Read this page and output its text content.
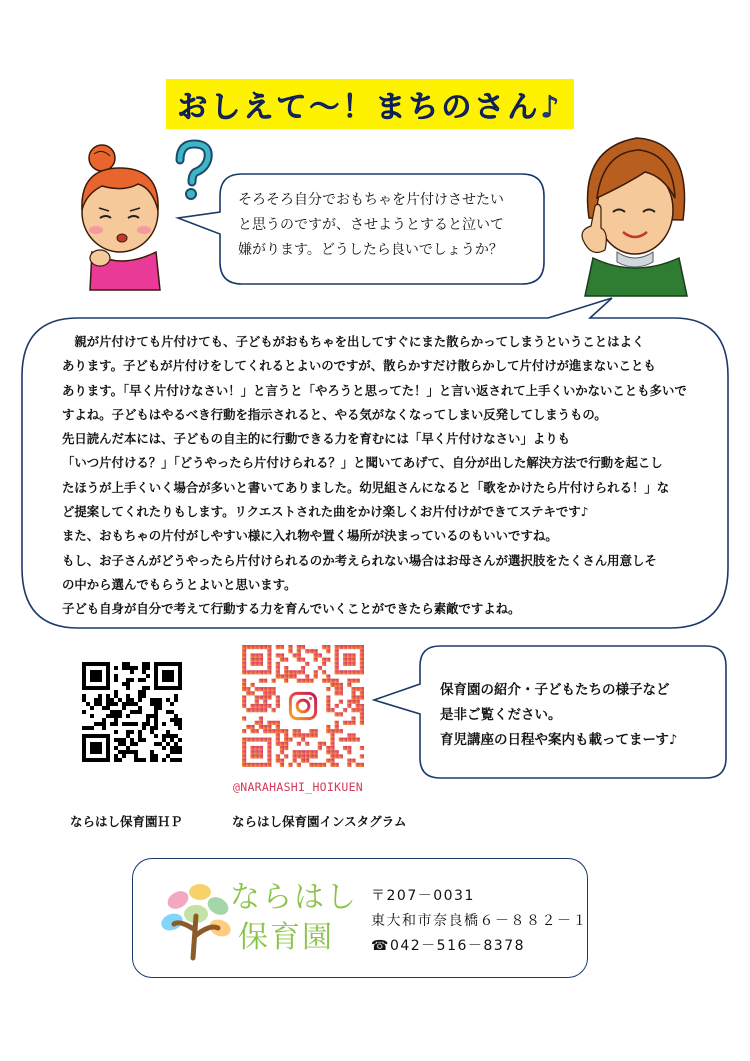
おしえて～！まちのさん♪
そろそろ自分でおもちゃを片付けさせたい
と思うのですが、させようとすると泣いて
嫌がります。どうしたら良いでしょうか？
　親が片付けても片付けても、子どもがおもちゃを出してすぐにまた散らかってしまうということはよく
あります。子どもが片付けをしてくれるとよいのですが、散らかすだけ散らかして片付けが進まないことも
あります。「早く片付けなさい！」と言うと「やろうと思ってた！」と言い返されて上手くいかないことも多いで
すよね。子どもはやるべき行動を指示されると、やる気がなくなってしまい反発してしまうもの。
先日読んだ本には、子どもの自主的に行動できる力を育むには「早く片付けなさい」よりも
「いつ片付ける？」「どうやったら片付けられる？」と聞いてあげて、自分が出した解決方法で行動を起こし
たほうが上手くいく場合が多いと書いてありました。幼児組さんになると「歌をかけたら片付けられる！」な
ど提案してくれたりもします。リクエストされた曲をかけ楽しくお片付けができてステキです♪
また、おもちゃの片付がしやすい様に入れ物や置く場所が決まっているのもいいですね。
もし、お子さんがどうやったら片付けられるのか考えられない場合はお母さんが選択肢をたくさん用意しそ
の中から選んでもらうとよいと思います。
子ども自身が自分で考えて行動する力を育んでいくことができたら素敵ですよね。
@NARAHASHI_HOIKUEN
保育園の紹介・子どもたちの様子など
是非ご覧ください。
育児講座の日程や案内も載ってまーす♪
ならはし保育園ＨＰ	ならはし保育園インスタグラム
ならはし
保育園
〒207－0031
東大和市奈良橋６－８８２－１
☎042－516－8378
